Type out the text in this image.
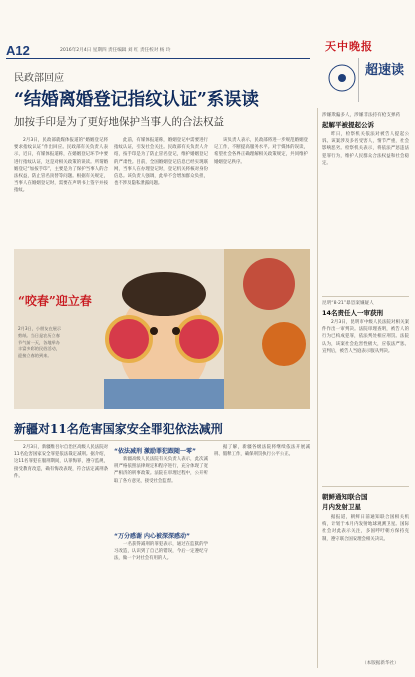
A12	2016年2月4日 星期四 责任编辑 刘 红 责任校对 杨 玲	天中晚报
超速读
民政部回应
“结婚离婚登记指纹认证”系误读
加按手印是为了更好地保护当事人的合法权益

2月3日，民政部就媒体报道的“婚姻登记将要求指纹认证”作出回应。民政部有关负责人表示，近日，有媒体报道称，在婚姻登记环节中要进行指纹认证，这是对相关政策的误读。所谓婚姻登记“加按手印”，主要是为了保护当事人的合法权益，防止冒名顶替等问题。根据有关规定，当事人在婚姻登记时，需要在声明书上签字并按指纹。

此前，有媒体报道称，婚姻登记中需要进行指纹认证，引发社会关注。民政部有关负责人介绍，按手印是为了防止冒名登记，维护婚姻登记的严肃性。目前，全国婚姻登记信息已经实现联网，当事人在办理登记时，登记机关将核对身份信息。该负责人强调，此举不会增加群众负担，也不涉及隐私泄露问题。

该负责人表示，民政部将进一步规范婚姻登记工作，不断提高服务水平。对于媒体的误读，希望社会各界正确理解相关政策规定，共同维护婚姻登记秩序。

“咬春”迎立春
2月3日，小朋友在展示剪纸。当日是农历立春节气前一天，各地举办丰富多彩的民俗活动，迎接立春的到来。
新疆对11名危害国家安全罪犯依法减刑

2月3日，新疆维吾尔自治区高级人民法院对11名危害国家安全罪犯依法裁定减刑。据介绍，这11名罪犯在服刑期间，认罪悔罪，遵守监规，接受教育改造，确有悔改表现，符合法定减刑条件。

“依法减刑 激励罪犯跟随一零”

新疆高级人民法院有关负责人表示，此次减刑严格依照法律规定和程序进行，充分体现了宽严相济的刑事政策。法院在审理过程中，公开听取了各方意见，接受社会监督。

“万分感谢 内心被深深感动”

一名获得减刑的罪犯表示，通过在监狱的学习改造，认识到了自己的错误，今后一定遵纪守法，做一个对社会有用的人。

据了解，新疆各级法院将继续依法开展减刑、假释工作，确保刑罚执行公平公正。

涉嫌欺骗多人，涉嫌非法持有枪支弹药
起解平被提起公诉

昨日，检察机关依法对被告人提起公诉。该案涉及多名受害人，情节严重，社会影响恶劣。检察机关表示，将依法严惩违法犯罪行为，维护人民群众合法权益和社会稳定。

昆明“8·21”暴恐案嫌疑人
14名责任人一审获刑

2月3日，昆明市中级人民法院对相关案件作出一审判决。法院审理查明，被告人的行为已构成犯罪，依法判处相应刑罚。法院认为，该案社会危害性极大，应依法严惩。宣判后，被告人当庭表示服从判决。

朝鲜通知联合国
月内发射卫星

据报道，朝鲜日前通知联合国相关机构，计划于本月内发射地球观测卫星。国际社会对此表示关注，多国呼吁朝方保持克制，遵守联合国安理会相关决议。

（本版据新华社）
